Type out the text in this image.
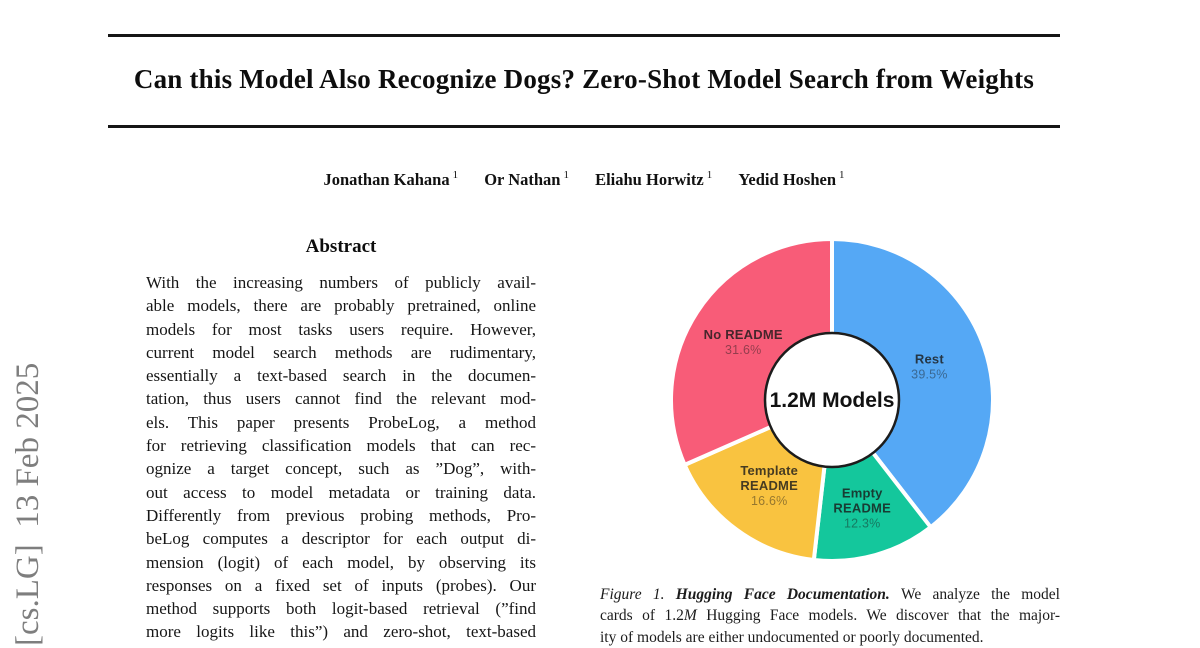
[cs.LG]  13 Feb 2025
Can this Model Also Recognize Dogs? Zero-Shot Model Search from Weights
Jonathan Kahana $^1$ Or Nathan $^1$ Eliahu Horwitz $^1$ Yedid Hoshen $^1$
Abstract
With the increasing numbers of publicly avail-
able models, there are probably pretrained, online
models for most tasks users require. However,
current model search methods are rudimentary,
essentially a text-based search in the documen-
tation, thus users cannot find the relevant mod-
els. This paper presents ProbeLog, a method
for retrieving classification models that can rec-
ognize a target concept, such as ”Dog”, with-
out access to model metadata or training data.
Differently from previous probing methods, Pro-
beLog computes a descriptor for each output di-
mension (logit) of each model, by observing its
responses on a fixed set of inputs (probes). Our
method supports both logit-based retrieval (”find
more logits like this”) and zero-shot, text-based
Rest
39.5%
Empty
README
12.3%
Template
README
16.6%
No README
31.6%
1.2M Models
Figure 1. Hugging Face Documentation. We analyze the model
cards of 1.2M Hugging Face models. We discover that the major-
ity of models are either undocumented or poorly documented.
